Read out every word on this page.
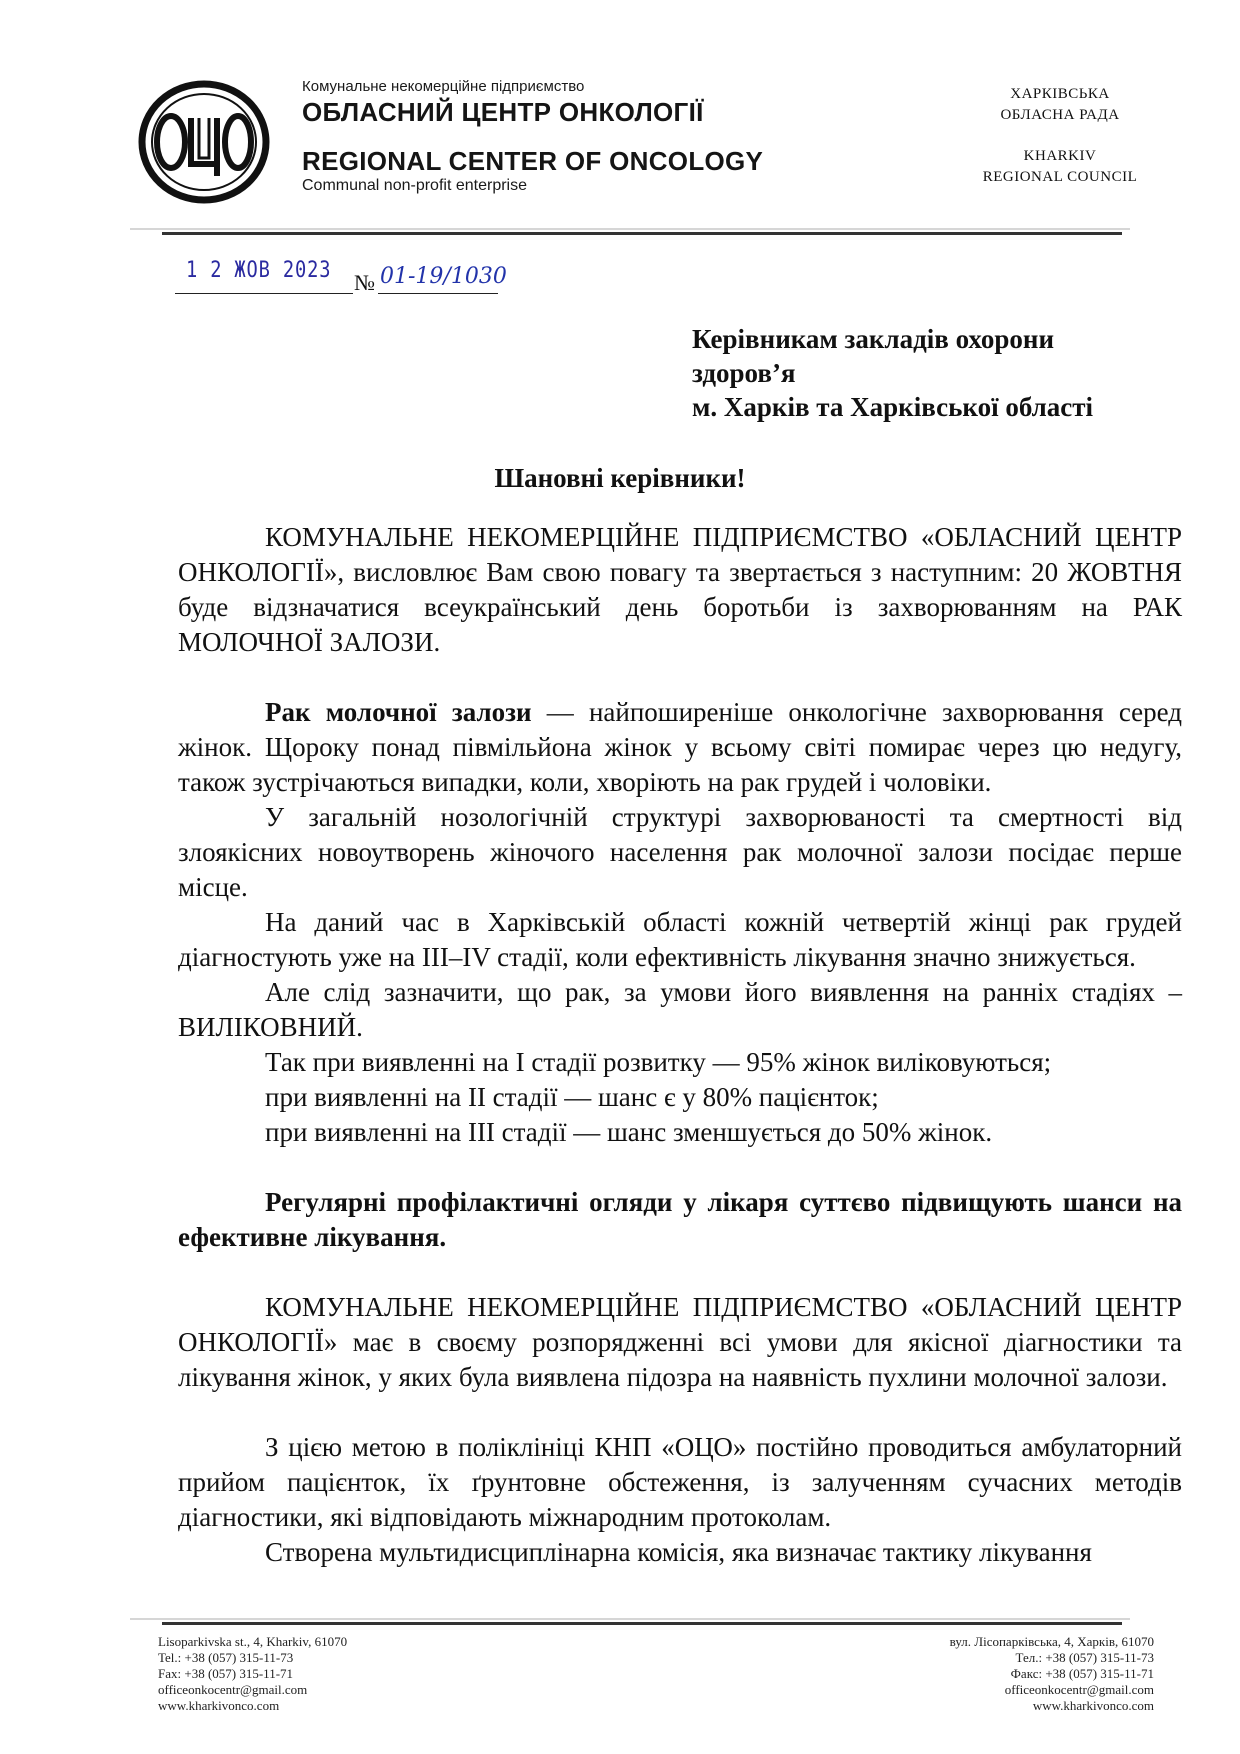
Комунальне некомерційне підприємство
ОБЛАСНИЙ ЦЕНТР ОНКОЛОГІЇ
REGIONAL CENTER OF ONCOLOGY
Communal non-profit enterprise
ХАРКІВСЬКА
ОБЛАСНА РАДА
KHARKIV
REGIONAL COUNCIL
1 2 ЖОВ 2023 № 01-19/1030
Керівникам закладів охорони
здоров’я
м. Харків та Харківської області
Шановні керівники!

КОМУНАЛЬНЕ НЕКОМЕРЦІЙНЕ ПІДПРИЄМСТВО «ОБЛАСНИЙ ЦЕНТР ОНКОЛОГІЇ», висловлює Вам свою повагу та звертається з наступним: 20 ЖОВТНЯ буде відзначатися всеукраїнський день боротьби із захворюванням на РАК МОЛОЧНОЇ ЗАЛОЗИ.

Рак молочної залози — найпоширеніше онкологічне захворювання серед жінок. Щороку понад півмільйона жінок у всьому світі помирає через цю недугу, також зустрічаються випадки, коли, хворіють на рак грудей і чоловіки.

У загальній нозологічній структурі захворюваності та смертності від злоякісних новоутворень жіночого населення рак молочної залози посідає перше місце.

На даний час в Харківській області кожній четвертій жінці рак грудей діагностують уже на III–IV стадії, коли ефективність лікування значно знижується.

Але слід зазначити, що рак, за умови його виявлення на ранніх стадіях – ВИЛІКОВНИЙ.

Так при виявленні на I стадії розвитку — 95% жінок виліковуються;

при виявленні на II стадії — шанс є у 80% пацієнток;

при виявленні на III стадії — шанс зменшується до 50% жінок.

Регулярні профілактичні огляди у лікаря суттєво підвищують шанси на ефективне лікування.

КОМУНАЛЬНЕ НЕКОМЕРЦІЙНЕ ПІДПРИЄМСТВО «ОБЛАСНИЙ ЦЕНТР ОНКОЛОГІЇ» має в своєму розпорядженні всі умови для якісної діагностики та лікування жінок, у яких була виявлена підозра на наявність пухлини молочної залози.

З цією метою в поліклініці КНП «ОЦО» постійно проводиться амбулаторний прийом пацієнток, їх ґрунтовне обстеження, із залученням сучасних методів діагностики, які відповідають міжнародним протоколам.

Створена мультидисциплінарна комісія, яка визначає тактику лікування

Lisoparkivska st., 4, Kharkiv, 61070
Tel.: +38 (057) 315-11-73
Fax: +38 (057) 315-11-71
officeonkocentr@gmail.com
www.kharkivonco.com
вул. Лісопарківська, 4, Харків, 61070
Тел.: +38 (057) 315-11-73
Факс: +38 (057) 315-11-71
officeonkocentr@gmail.com
www.kharkivonco.com
